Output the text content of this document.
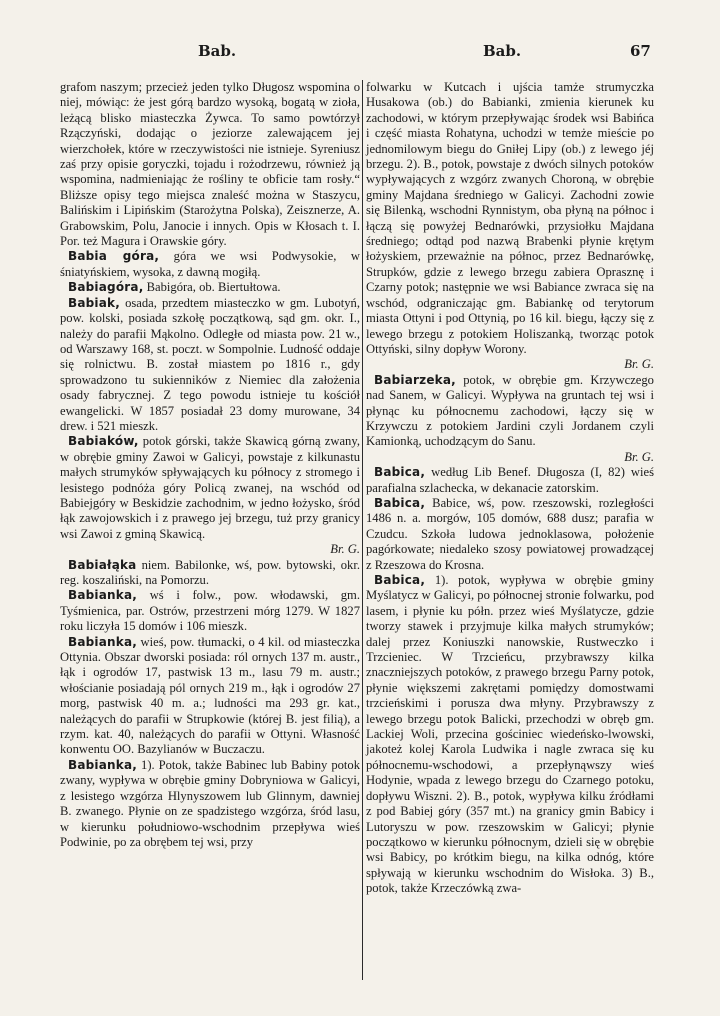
Bab.	Bab.	67

grafom naszym; przecież jeden tylko Długosz wspomina o niej, mówiąc: że jest górą bardzo wysoką, bogatą w zioła, leżącą blisko miasteczka Żywca. To samo powtórzył Rzączyński, dodając o jeziorze zalewającem jej wierzchołek, które w rzeczywistości nie istnieje. Syreniusz zaś przy opisie goryczki, tojadu i rożodrzewu, również ją wspomina, nadmieniając że rośliny te obficie tam rosły.“ Bliższe opisy tego miejsca znaleść można w Staszycu, Balińskim i Lipińskim (Starożytna Polska), Zeisznerze, A. Grabowskim, Polu, Janocie i innych. Opis w Kłosach t. I. Por. też Magura i Orawskie góry.

Babia góra, góra we wsi Podwysokie, w śniatyńskiem, wysoka, z dawną mogiłą.

Babiagóra, Babigóra, ob. Biertułtowa.

Babiak, osada, przedtem miasteczko w gm. Lubotyń, pow. kolski, posiada szkołę początkową, sąd gm. okr. I., należy do parafii Mąkolno. Odległe od miasta pow. 21 w., od Warszawy 168, st. poczt. w Sompolnie. Ludność oddaje się rolnictwu. B. został miastem po 1816 r., gdy sprowadzono tu sukienników z Niemiec dla założenia osady fabrycznej. Z tego powodu istnieje tu kościół ewangelicki. W 1857 posiadał 23 domy murowane, 34 drew. i 521 mieszk.

Babiaków, potok górski, także Skawicą górną zwany, w obrębie gminy Zawoi w Galicyi, powstaje z kilkunastu małych strumyków spływających ku północy z stromego i lesistego podnóża góry Policą zwanej, na wschód od Babiejgóry w Beskidzie zachodnim, w jedno łożysko, śród łąk zawojowskich i z prawego jej brzegu, tuż przy granicy wsi Zawoi z gminą Skawicą.
Br. G.

Babiałąka niem. Babilonke, wś, pow. bytowski, okr. reg. koszaliński, na Pomorzu.

Babianka, wś i folw., pow. włodawski, gm. Tyśmienica, par. Ostrów, przestrzeni mórg 1279. W 1827 roku liczyła 15 domów i 106 mieszk.

Babianka, wieś, pow. tłumacki, o 4 kil. od miasteczka Ottynia. Obszar dworski posiada: ról ornych 137 m. austr., łąk i ogrodów 17, pastwisk 13 m., lasu 79 m. austr.; włościanie posiadają pól ornych 219 m., łąk i ogrodów 27 morg, pastwisk 40 m. a.; ludności ma 293 gr. kat., należących do parafii w Strupkowie (której B. jest filią), a rzym. kat. 40, należących do parafii w Ottyni. Własność konwentu OO. Bazylianów w Buczaczu.

Babianka, 1). Potok, także Babinec lub Babiny potok zwany, wypływa w obrębie gminy Dobryniowa w Galicyi, z lesistego wzgórza Hlynyszowem lub Glinnym, dawniej B. zwanego. Płynie on ze spadzistego wzgórza, śród lasu, w kierunku południowo-wschodnim przepływa wieś Podwinie, po za obrębem tej wsi, przy

folwarku w Kutcach i ujścia tamże strumyczka Husakowa (ob.) do Babianki, zmienia kierunek ku zachodowi, w którym przepływając środek wsi Babińca i część miasta Rohatyna, uchodzi w temże mieście po jednomilowym biegu do Gniłej Lipy (ob.) z lewego jéj brzegu. 2). B., potok, powstaje z dwóch silnych potoków wypływających z wzgórz zwanych Choroną, w obrębie gminy Majdana średniego w Galicyi. Zachodni zowie się Bilenką, wschodni Rynnistym, oba płyną na północ i łączą się powyżej Bednarówki, przysiołku Majdana średniego; odtąd pod nazwą Brabenki płynie krętym łożyskiem, przeważnie na północ, przez Bednarówkę, Strupków, gdzie z lewego brzegu zabiera Oprasznę i Czarny potok; następnie we wsi Babiance zwraca się na wschód, odgraniczając gm. Babiankę od terytorum miasta Ottyni i pod Ottynią, po 16 kil. biegu, łączy się z lewego brzegu z potokiem Holiszanką, tworząc potok Ottyński, silny dopływ Worony.
Br. G.

Babiarzeka, potok, w obrębie gm. Krzywczego nad Sanem, w Galicyi. Wypływa na gruntach tej wsi i płynąc ku północnemu zachodowi, łączy się w Krzywczu z potokiem Jardini czyli Jordanem czyli Kamionką, uchodzącym do Sanu.
Br. G.

Babica, według Lib Benef. Długosza (I, 82) wieś parafialna szlachecka, w dekanacie zatorskim.

Babica, Babice, wś, pow. rzeszowski, rozległości 1486 n. a. morgów, 105 domów, 688 dusz; parafia w Czudcu. Szkoła ludowa jednoklasowa, położenie pagórkowate; niedaleko szosy powiatowej prowadzącej z Rzeszowa do Krosna.

Babica, 1). potok, wypływa w obrębie gminy Myślatycz w Galicyi, po północnej stronie folwarku, pod lasem, i płynie ku półn. przez wieś Myślatycze, gdzie tworzy stawek i przyjmuje kilka małych strumyków; dalej przez Koniuszki nanowskie, Rustweczko i Trzcieniec. W Trzcieńcu, przybrawszy kilka znaczniejszych potoków, z prawego brzegu Parny potok, płynie większemi zakrętami pomiędzy domostwami trzcieńskimi i porusza dwa młyny. Przybrawszy z lewego brzegu potok Balicki, przechodzi w obręb gm. Lackiej Woli, przecina gościniec wiedeńsko-lwowski, jakoteż kolej Karola Ludwika i nagle zwraca się ku północnemu-wschodowi, a przepłynąwszy wieś Hodynie, wpada z lewego brzegu do Czarnego potoku, dopływu Wiszni. 2). B., potok, wypływa kilku źródłami z pod Babiej góry (357 mt.) na granicy gmin Babicy i Lutoryszu w pow. rzeszowskim w Galicyi; płynie początkowo w kierunku północnym, dzieli się w obrębie wsi Babicy, po krótkim biegu, na kilka odnóg, które spływają w kierunku wschodnim do Wisłoka. 3) B., potok, także Krzeczówką zwa-
